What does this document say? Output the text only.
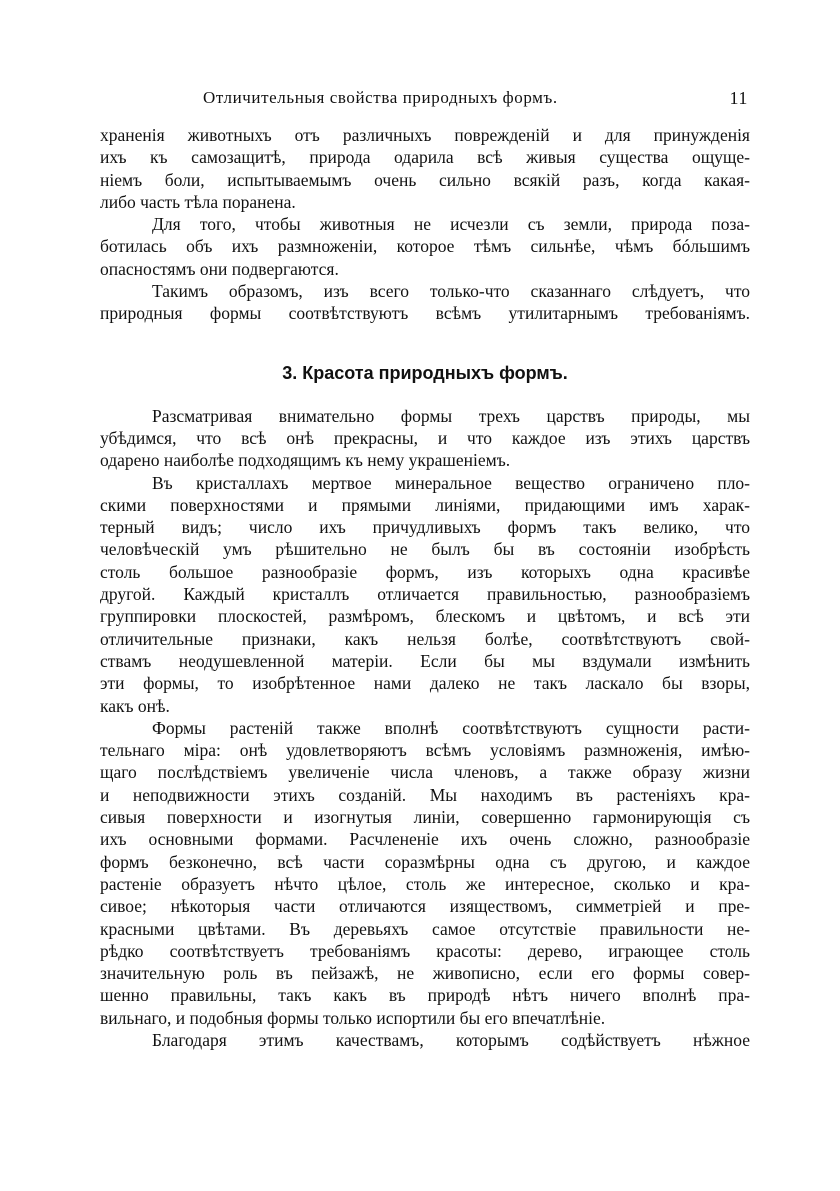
Отличительныя свойства природныхъ формъ.	11
храненія животныхъ отъ различныхъ повреждeній и для принужденія
ихъ къ самозащитѣ, природа одарила всѣ живыя существа ощуще-
ніемъ боли, испытываемымъ очень сильно всякій разъ, когда какая-
либо часть тѣла поранена.
Для того, чтобы животныя не исчезли съ земли, природа поза-
ботилась объ ихъ размноженіи, которое тѣмъ сильнѣе, чѣмъ бóльшимъ
опасностямъ они подвергаются.
Такимъ образомъ, изъ всего только-что сказаннаго слѣдуетъ, что
природныя формы соотвѣтствуютъ всѣмъ утилитарнымъ требованіямъ.
3. Красота природныхъ формъ.
Разсматривая внимательно формы трехъ царствъ природы, мы
убѣдимся, что всѣ онѣ прекрасны, и что каждое изъ этихъ царствъ
одарено наиболѣе подходящимъ къ нему украшеніемъ.
Въ кристаллахъ мертвое минеральное вещество ограничено пло-
скими поверхностями и прямыми линіями, придающими имъ харак-
терный видъ; число ихъ причудливыхъ формъ такъ велико, что
человѣческій умъ рѣшительно не былъ бы въ состояніи изобрѣсть
столь большое разнообразіе формъ, изъ которыхъ одна красивѣе
другой. Каждый кристаллъ отличается правильностью, разнообразіемъ
группировки плоскостей, размѣромъ, блескомъ и цвѣтомъ, и всѣ эти
отличительные признаки, какъ нельзя болѣе, соотвѣтствуютъ свой-
ствамъ неодушевленной матеріи. Если бы мы вздумали измѣнить
эти формы, то изобрѣтенное нами далеко не такъ ласкало бы взоры,
какъ онѣ.
Формы растеній также вполнѣ соотвѣтствуютъ сущности расти-
тельнаго міра: онѣ удовлетворяютъ всѣмъ условіямъ размноженія, имѣю-
щаго послѣдствіемъ увеличеніе числа членовъ, а также образу жизни
и неподвижности этихъ созданій. Мы находимъ въ растеніяхъ кра-
сивыя поверхности и изогнутыя линіи, совершенно гармонирующія съ
ихъ основными формами. Расчлененіе ихъ очень сложно, разнообразіе
формъ безконечно, всѣ части соразмѣрны одна съ другою, и каждое
растеніе образуетъ нѣчто цѣлое, столь же интересное, сколько и кра-
сивое; нѣкоторыя части отличаются изяществомъ, симметріей и пре-
красными цвѣтами. Въ деревьяхъ самое отсутствіе правильности не-
рѣдко соотвѣтствуетъ требованіямъ красоты: дерево, играющее столь
значительную роль въ пейзажѣ, не живописно, если его формы совер-
шенно правильны, такъ какъ въ природѣ нѣтъ ничего вполнѣ пра-
вильнаго, и подобныя формы только испортили бы его впечатлѣніе.
Благодаря этимъ качествамъ, которымъ содѣйствуетъ нѣжное
